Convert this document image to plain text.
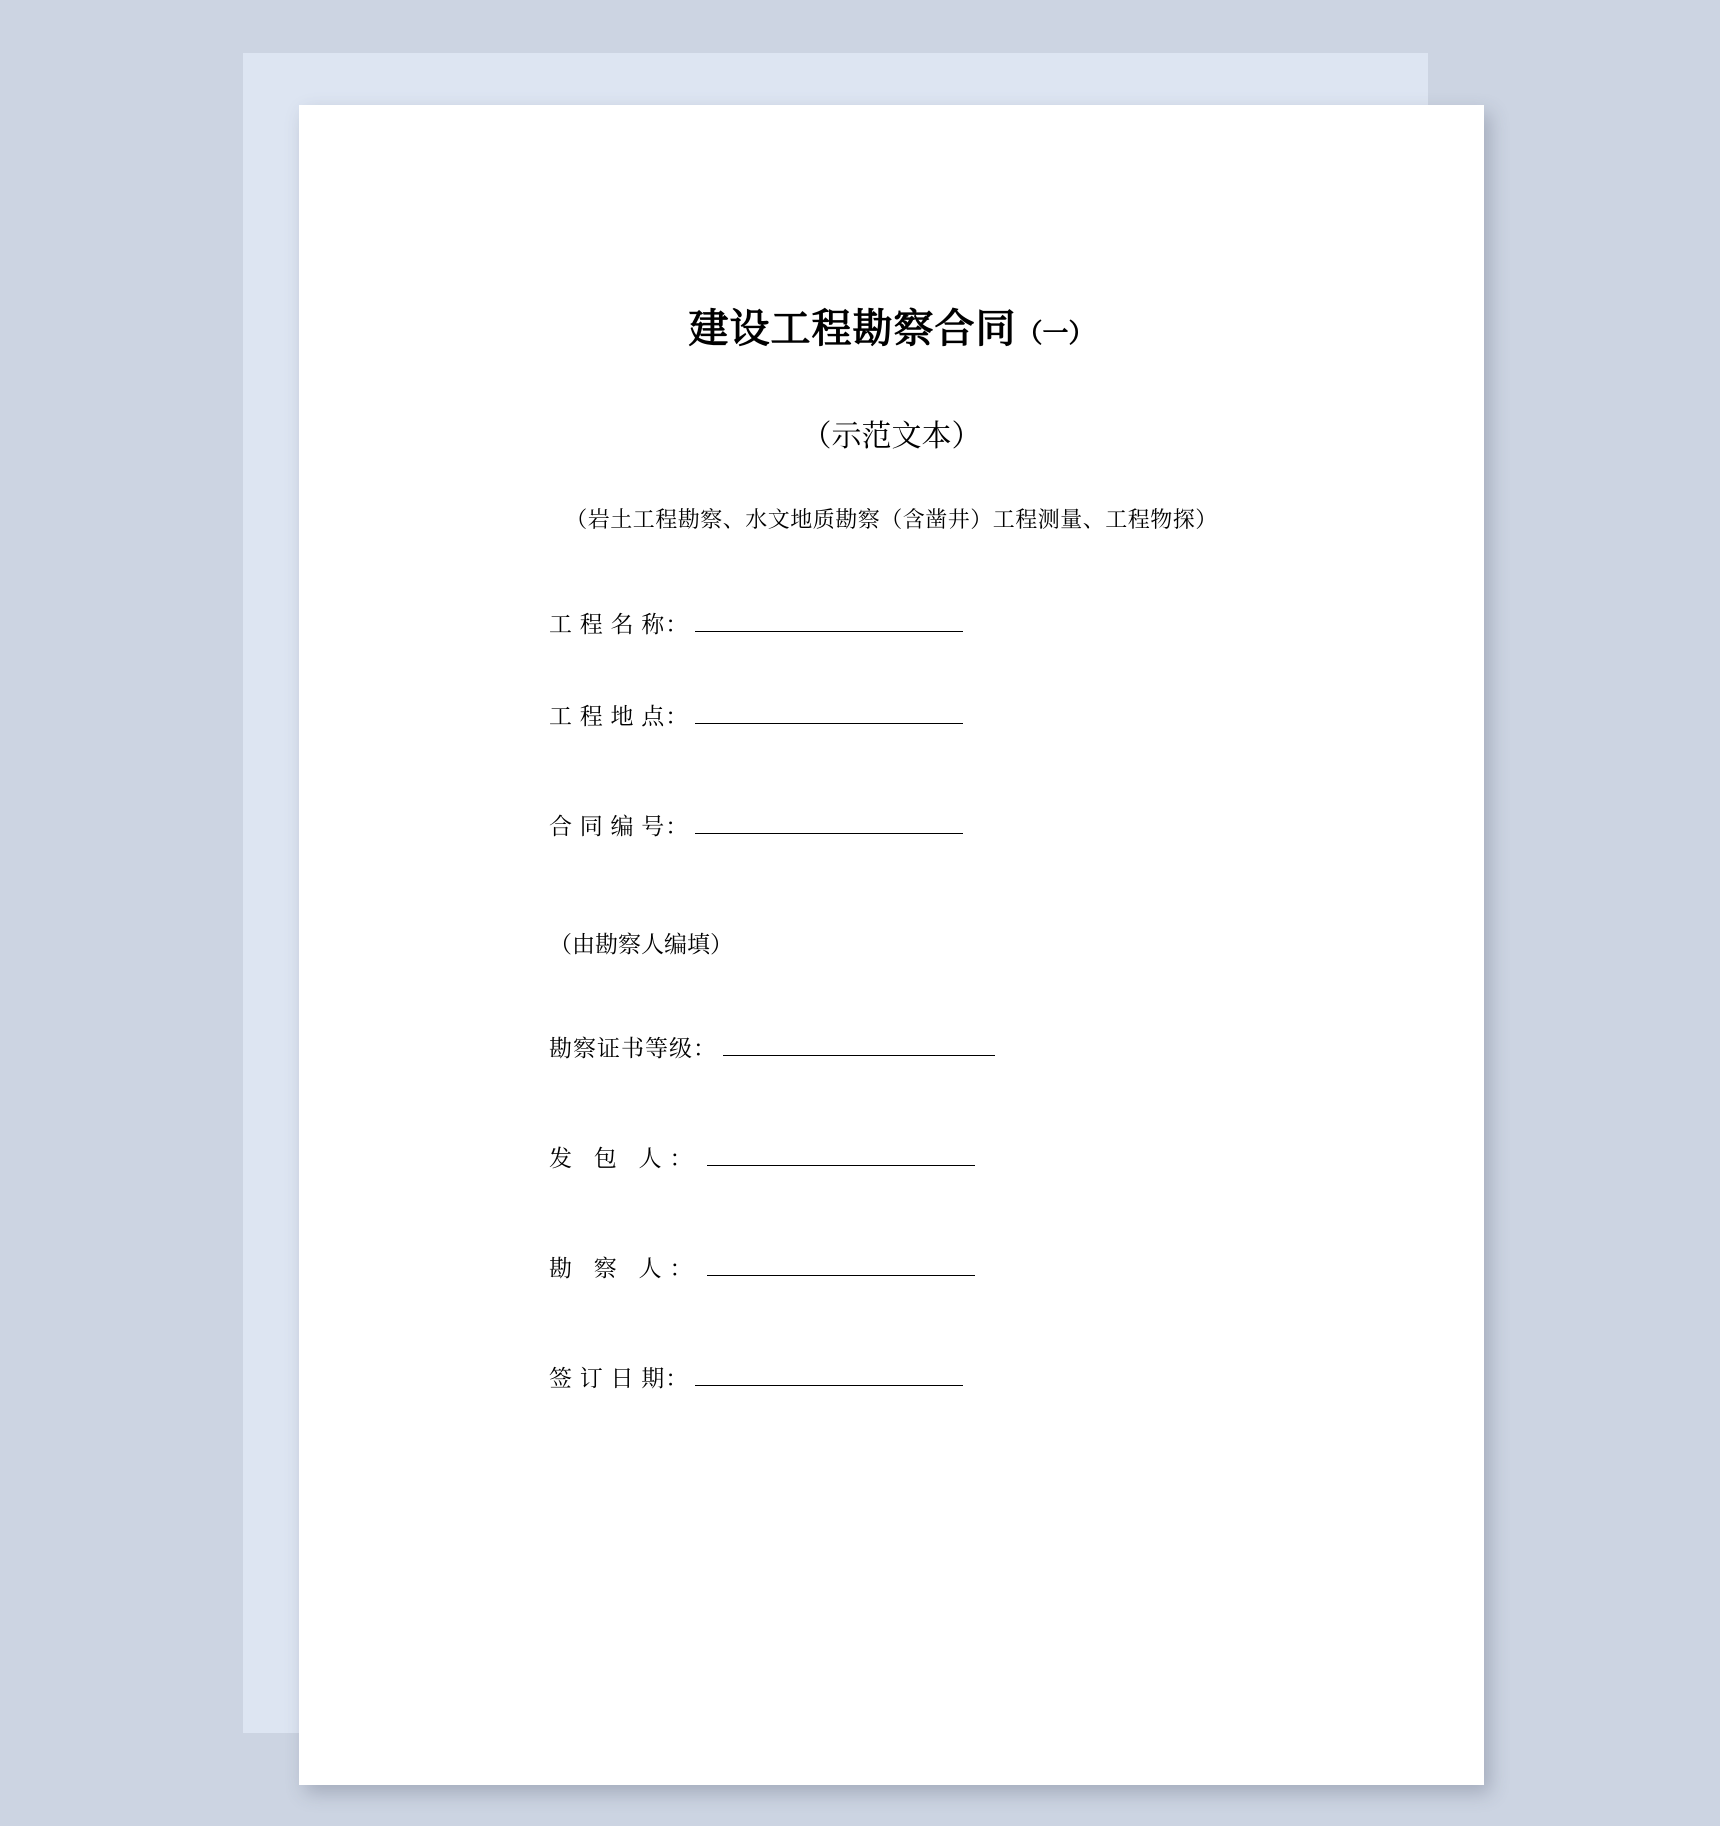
建设工程勘察合同（一）
（示范文本）
（岩土工程勘察、水文地质勘察（含凿井）工程测量、工程物探）
工 程 名 称：
工 程 地 点：
合 同 编 号：
（由勘察人编填）
勘察证书等级：
发 包 人：
勘 察 人：
签 订 日 期：
